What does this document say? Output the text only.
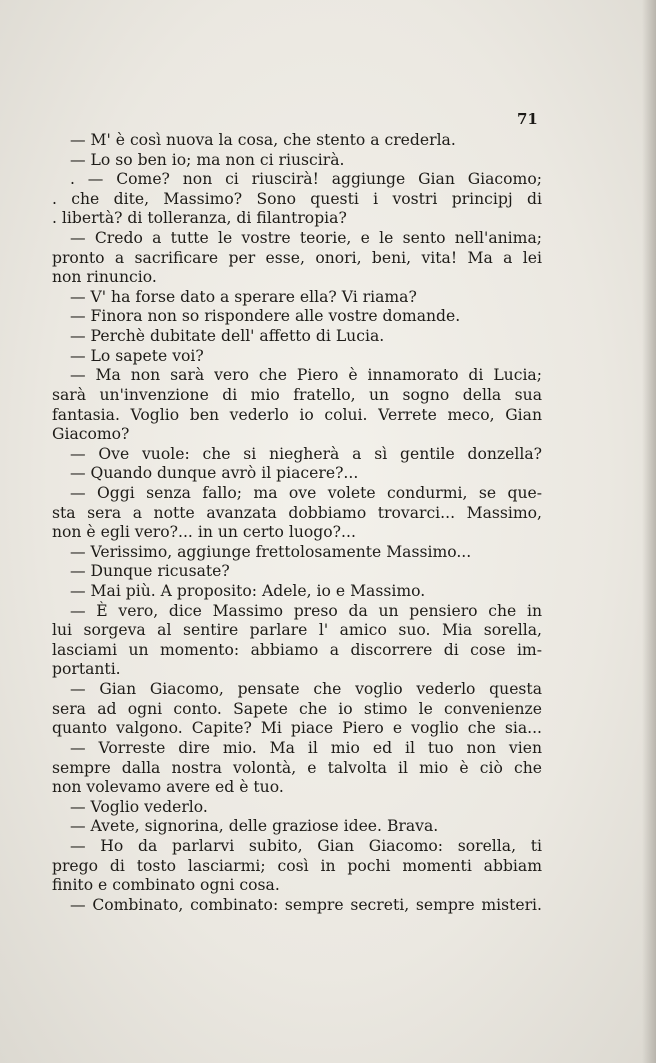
71
— M' è così nuova la cosa, che stento a crederla.
— Lo so ben io; ma non ci riuscirà.
. — Come? non ci riuscirà! aggiunge Gian Giacomo;
. che dite, Massimo? Sono questi i vostri principj di
. libertà? di tolleranza, di filantropia?
— Credo a tutte le vostre teorie, e le sento nell'anima;
pronto a sacrificare per esse, onori, beni, vita! Ma a lei
non rinuncio.
— V' ha forse dato a sperare ella? Vi riama?
— Finora non so rispondere alle vostre domande.
— Perchè dubitate dell' affetto di Lucia.
— Lo sapete voi?
— Ma non sarà vero che Piero è innamorato di Lucia;
sarà un'invenzione di mio fratello, un sogno della sua
fantasia. Voglio ben vederlo io colui. Verrete meco, Gian
Giacomo?
— Ove vuole: che si niegherà a sì gentile donzella?
— Quando dunque avrò il piacere?...
— Oggi senza fallo; ma ove volete condurmi, se que-
sta sera a notte avanzata dobbiamo trovarci... Massimo,
non è egli vero?... in un certo luogo?...
— Verissimo, aggiunge frettolosamente Massimo...
— Dunque ricusate?
— Mai più. A proposito: Adele, io e Massimo.
— È vero, dice Massimo preso da un pensiero che in
lui sorgeva al sentire parlare l' amico suo. Mia sorella,
lasciami un momento: abbiamo a discorrere di cose im-
portanti.
— Gian Giacomo, pensate che voglio vederlo questa
sera ad ogni conto. Sapete che io stimo le convenienze
quanto valgono. Capite? Mi piace Piero e voglio che sia...
— Vorreste dire mio. Ma il mio ed il tuo non vien
sempre dalla nostra volontà, e talvolta il mio è ciò che
non volevamo avere ed è tuo.
— Voglio vederlo.
— Avete, signorina, delle graziose idee. Brava.
— Ho da parlarvi subito, Gian Giacomo: sorella, ti
prego di tosto lasciarmi; così in pochi momenti abbiam
finito e combinato ogni cosa.
— Combinato, combinato: sempre secreti, sempre misteri.
